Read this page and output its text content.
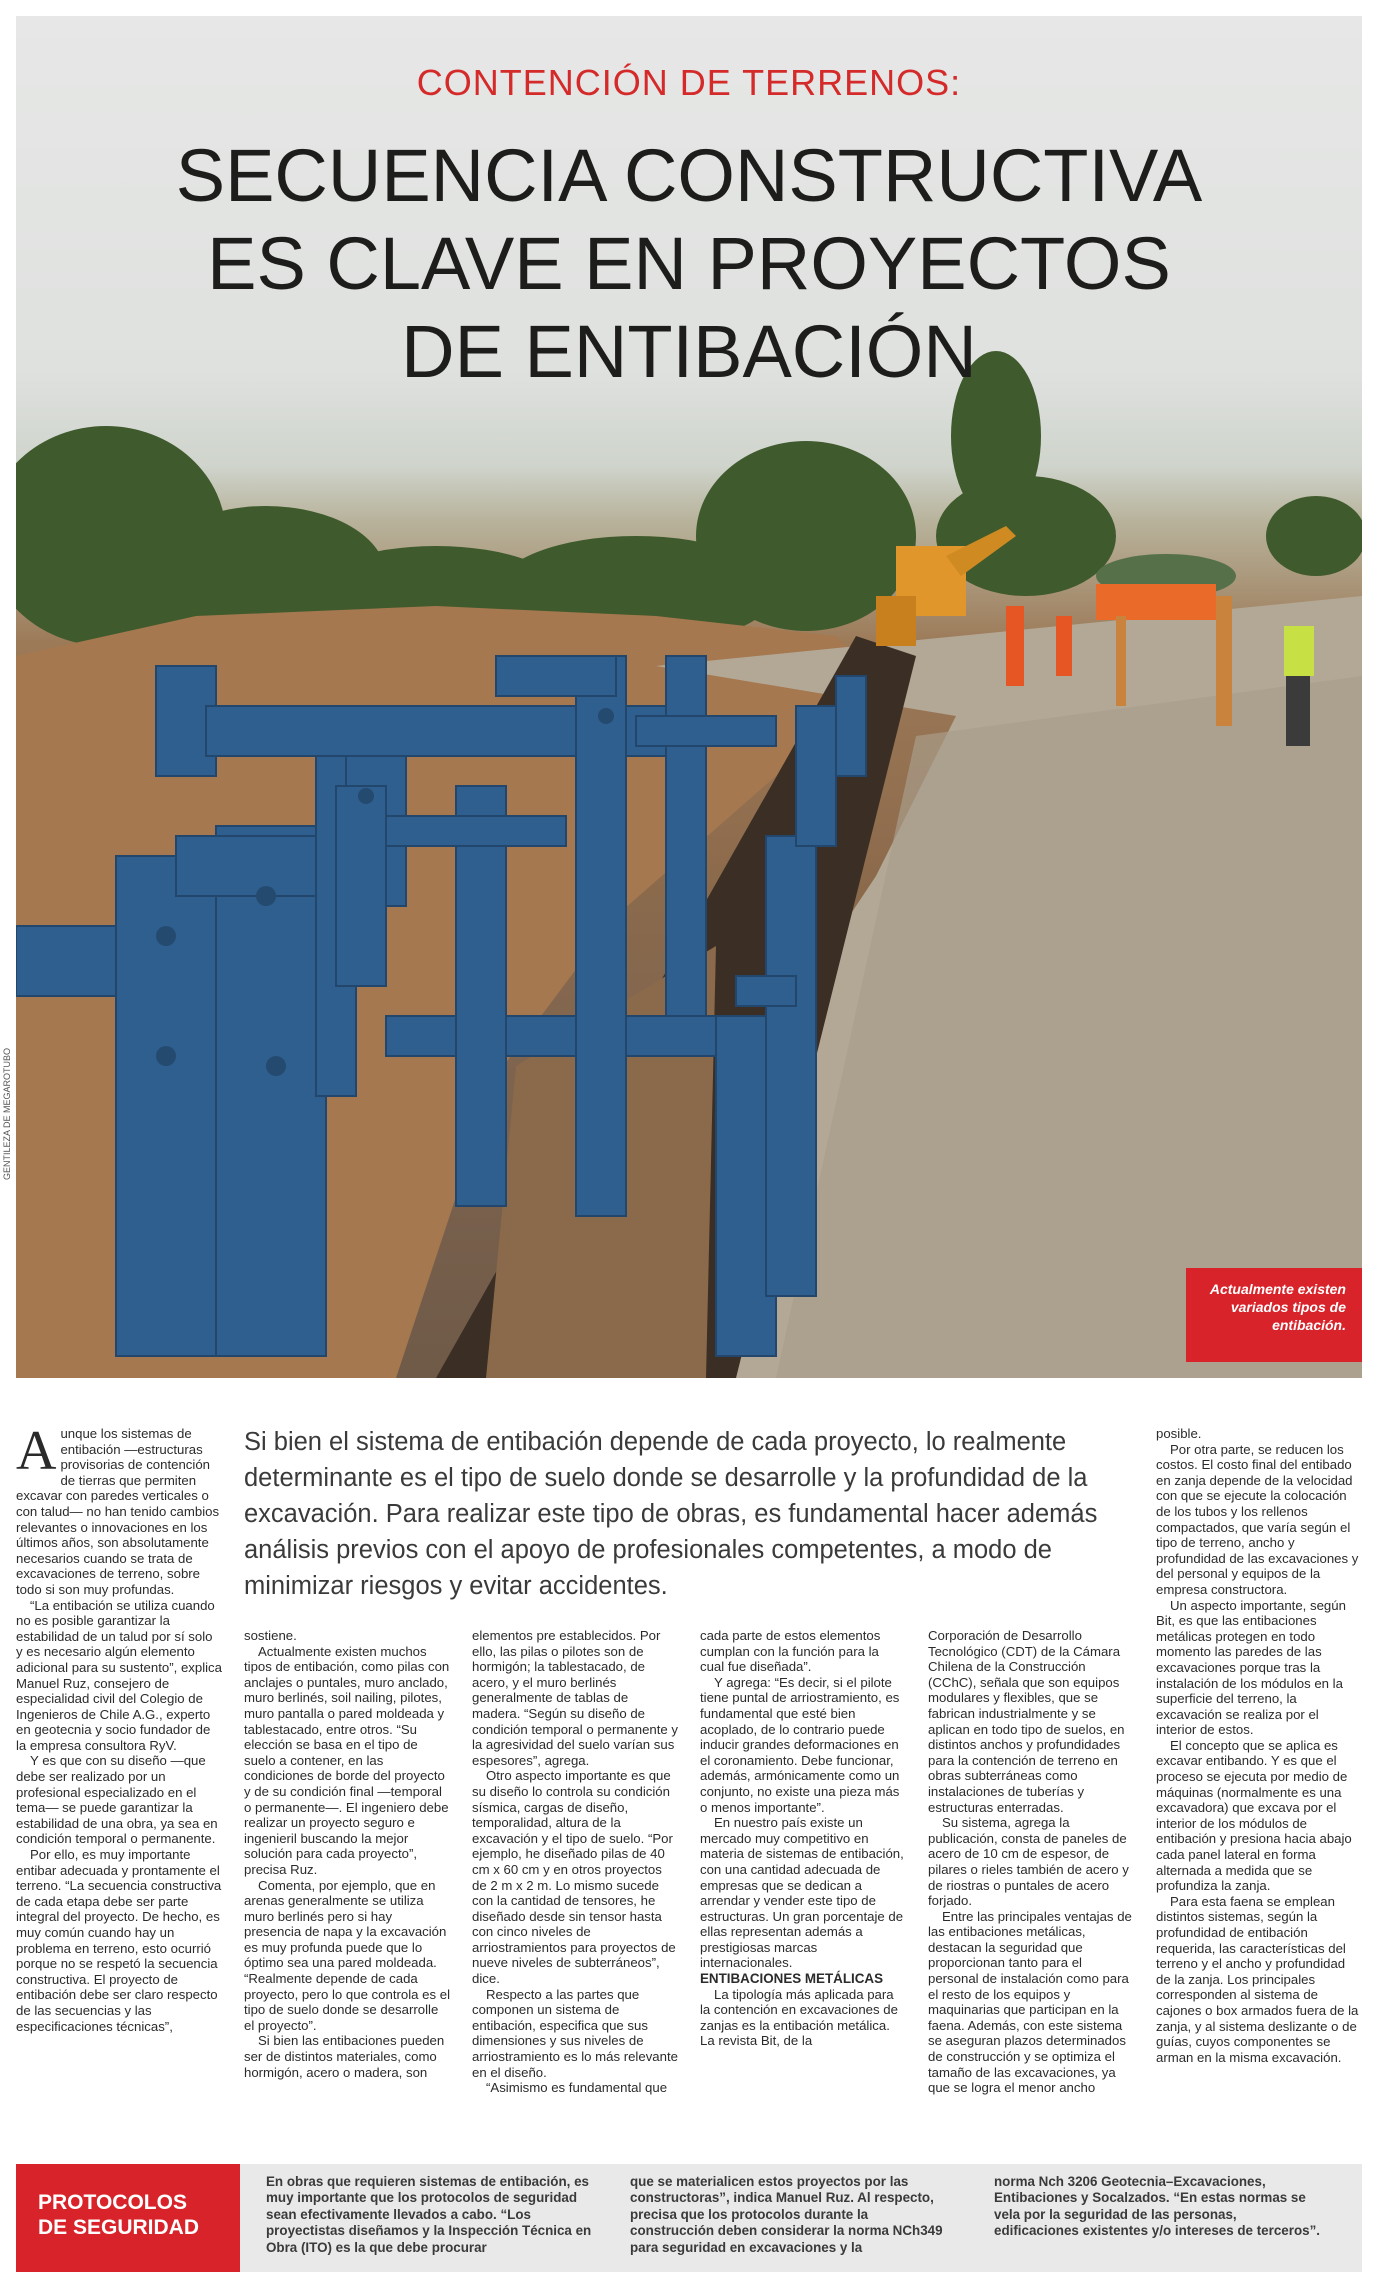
CONTENCIÓN DE TERRENOS:
SECUENCIA CONSTRUCTIVA
ES CLAVE EN PROYECTOS
DE ENTIBACIÓN
Actualmente existen variados tipos de entibación.
GENTILEZA DE MEGAROTUBO
A unque los sistemas de entibación —estructuras provisorias de contención de tierras que permiten excavar con paredes verticales o con talud— no han tenido cambios relevantes o innovaciones en los últimos años, son absolutamente necesarios cuando se trata de excavaciones de terreno, sobre todo si son muy profundas.

“La entibación se utiliza cuando no es posible garantizar la estabilidad de un talud por sí solo y es necesario algún elemento adicional para su sustento”, explica Manuel Ruz, consejero de especialidad civil del Colegio de Ingenieros de Chile A.G., experto en geotecnia y socio fundador de la empresa consultora RyV.

Y es que con su diseño —que debe ser realizado por un profesional especializado en el tema— se puede garantizar la estabilidad de una obra, ya sea en condición temporal o permanente.

Por ello, es muy importante entibar adecuada y prontamente el terreno. “La secuencia constructiva de cada etapa debe ser parte integral del proyecto. De hecho, es muy común cuando hay un problema en terreno, esto ocurrió porque no se respetó la secuencia constructiva. El proyecto de entibación debe ser claro respecto de las secuencias y las especificaciones técnicas”,

Si bien el sistema de entibación depende de cada proyecto, lo realmente determinante es el tipo de suelo donde se desarrolle y la profundidad de la excavación. Para realizar este tipo de obras, es fundamental hacer además análisis previos con el apoyo de profesionales competentes, a modo de minimizar riesgos y evitar accidentes.

sostiene.

Actualmente existen muchos tipos de entibación, como pilas con anclajes o puntales, muro anclado, muro berlinés, soil nailing, pilotes, muro pantalla o pared moldeada y tablestacado, entre otros. “Su elección se basa en el tipo de suelo a contener, en las condiciones de borde del proyecto y de su condición final —temporal o permanente—. El ingeniero debe realizar un proyecto seguro e ingenieril buscando la mejor solución para cada proyecto”, precisa Ruz.

Comenta, por ejemplo, que en arenas generalmente se utiliza muro berlinés pero si hay presencia de napa y la excavación es muy profunda puede que lo óptimo sea una pared moldeada. “Realmente depende de cada proyecto, pero lo que controla es el tipo de suelo donde se desarrolle el proyecto”.

Si bien las entibaciones pueden ser de distintos materiales, como hormigón, acero o madera, son

elementos pre establecidos. Por ello, las pilas o pilotes son de hormigón; la tablestacado, de acero, y el muro berlinés generalmente de tablas de madera. “Según su diseño de condición temporal o permanente y la agresividad del suelo varían sus espesores”, agrega.

Otro aspecto importante es que su diseño lo controla su condición sísmica, cargas de diseño, temporalidad, altura de la excavación y el tipo de suelo. “Por ejemplo, he diseñado pilas de 40 cm x 60 cm y en otros proyectos de 2 m x 2 m. Lo mismo sucede con la cantidad de tensores, he diseñado desde sin tensor hasta con cinco niveles de arriostramientos para proyectos de nueve niveles de subterráneos”, dice.

Respecto a las partes que componen un sistema de entibación, especifica que sus dimensiones y sus niveles de arriostramiento es lo más relevante en el diseño.

“Asimismo es fundamental que

cada parte de estos elementos cumplan con la función para la cual fue diseñada”.

Y agrega: “Es decir, si el pilote tiene puntal de arriostramiento, es fundamental que esté bien acoplado, de lo contrario puede inducir grandes deformaciones en el coronamiento. Debe funcionar, además, armónicamente como un conjunto, no existe una pieza más o menos importante”.

En nuestro país existe un mercado muy competitivo en materia de sistemas de entibación, con una cantidad adecuada de empresas que se dedican a arrendar y vender este tipo de estructuras. Un gran porcentaje de ellas representan además a prestigiosas marcas internacionales.

ENTIBACIONES METÁLICAS

La tipología más aplicada para la contención en excavaciones de zanjas es la entibación metálica. La revista Bit, de la

Corporación de Desarrollo Tecnológico (CDT) de la Cámara Chilena de la Construcción (CChC), señala que son equipos modulares y flexibles, que se fabrican industrialmente y se aplican en todo tipo de suelos, en distintos anchos y profundidades para la contención de terreno en obras subterráneas como instalaciones de tuberías y estructuras enterradas.

Su sistema, agrega la publicación, consta de paneles de acero de 10 cm de espesor, de pilares o rieles también de acero y de riostras o puntales de acero forjado.

Entre las principales ventajas de las entibaciones metálicas, destacan la seguridad que proporcionan tanto para el personal de instalación como para el resto de los equipos y maquinarias que participan en la faena. Además, con este sistema se aseguran plazos determinados de construcción y se optimiza el tamaño de las excavaciones, ya que se logra el menor ancho

posible.

Por otra parte, se reducen los costos. El costo final del entibado en zanja depende de la velocidad con que se ejecute la colocación de los tubos y los rellenos compactados, que varía según el tipo de terreno, ancho y profundidad de las excavaciones y del personal y equipos de la empresa constructora.

Un aspecto importante, según Bit, es que las entibaciones metálicas protegen en todo momento las paredes de las excavaciones porque tras la instalación de los módulos en la superficie del terreno, la excavación se realiza por el interior de estos.

El concepto que se aplica es excavar entibando. Y es que el proceso se ejecuta por medio de máquinas (normalmente es una excavadora) que excava por el interior de los módulos de entibación y presiona hacia abajo cada panel lateral en forma alternada a medida que se profundiza la zanja.

Para esta faena se emplean distintos sistemas, según la profundidad de entibación requerida, las características del terreno y el ancho y profundidad de la zanja. Los principales corresponden al sistema de cajones o box armados fuera de la zanja, y al sistema deslizante o de guías, cuyos componentes se arman en la misma excavación.

PROTOCOLOS
DE SEGURIDAD
En obras que requieren sistemas de entibación, es muy importante que los protocolos de seguridad sean efectivamente llevados a cabo. “Los proyectistas diseñamos y la Inspección Técnica en Obra (ITO) es la que debe procurar
que se materialicen estos proyectos por las constructoras”, indica Manuel Ruz. Al respecto, precisa que los protocolos durante la construcción deben considerar la norma NCh349 para seguridad en excavaciones y la
norma Nch 3206 Geotecnia–Excavaciones, Entibaciones y Socalzados. “En estas normas se vela por la seguridad de las personas, edificaciones existentes y/o intereses de terceros”.
